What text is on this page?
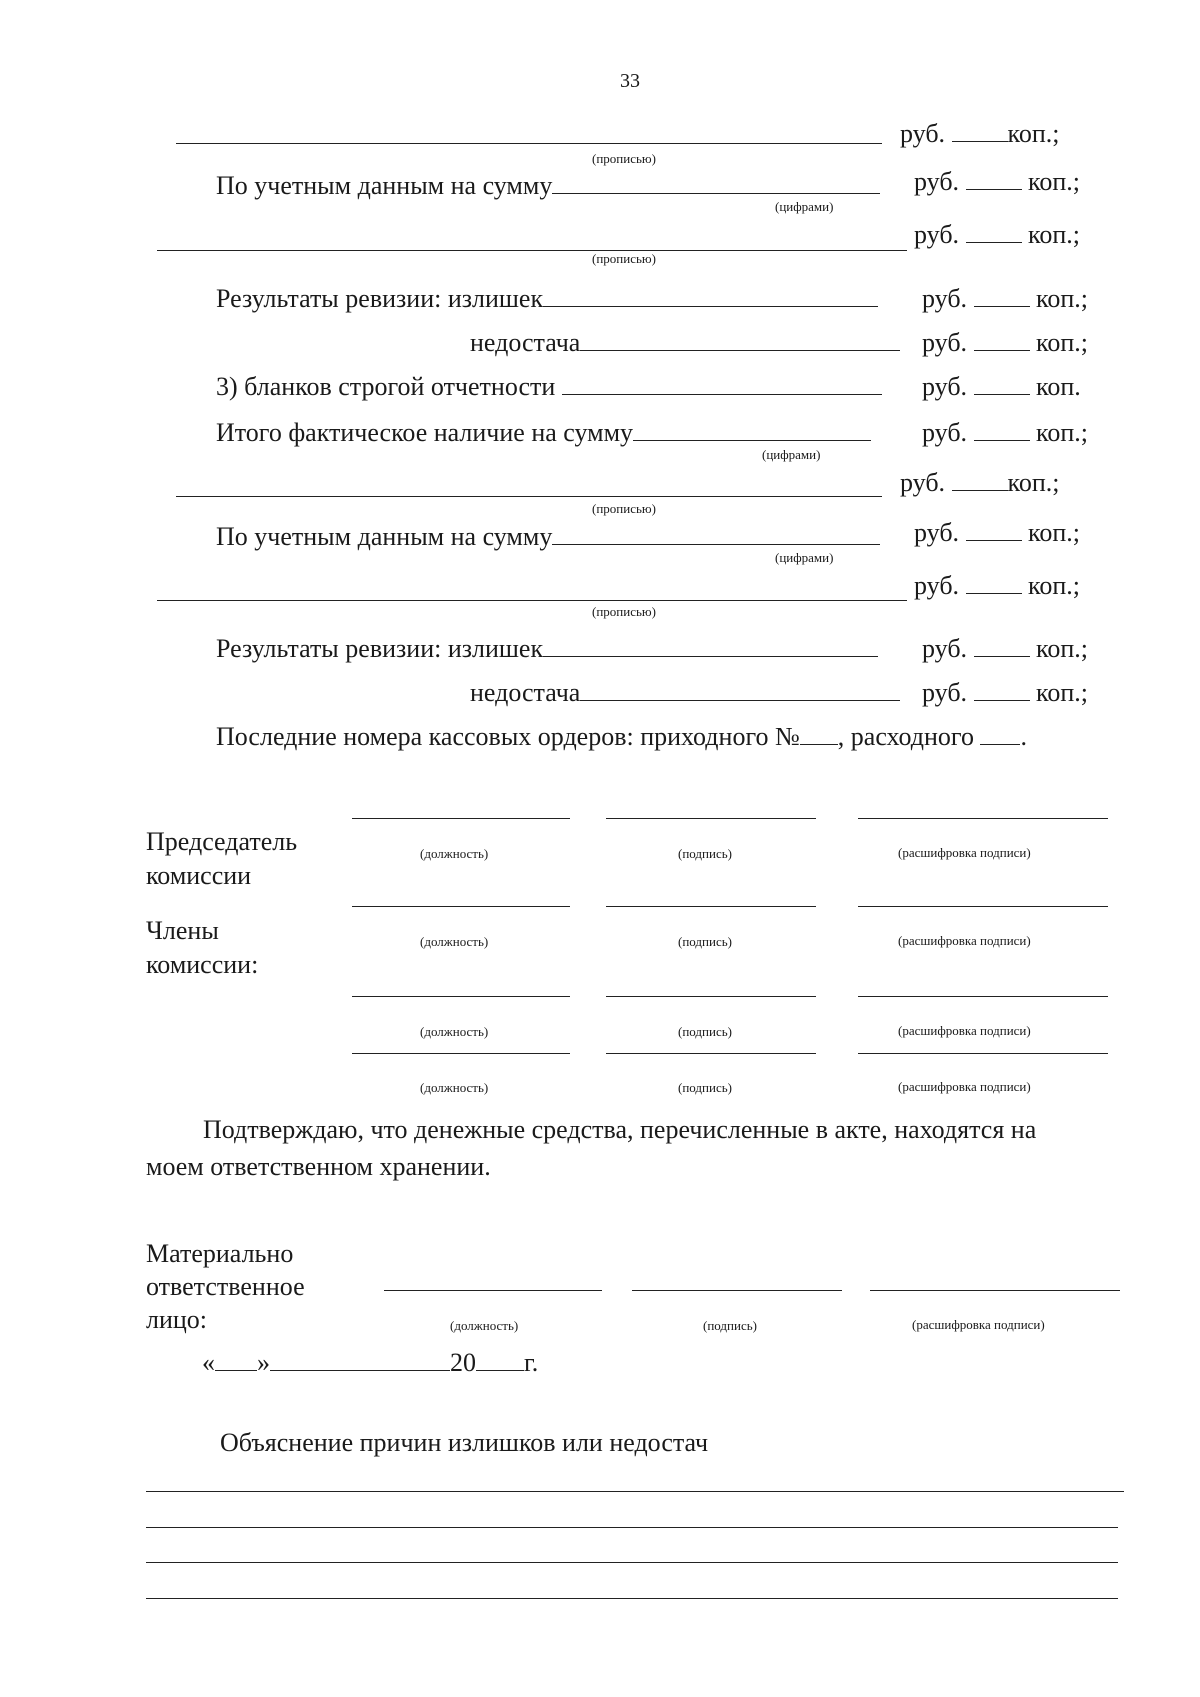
33
руб. коп.;
(прописью)
По учетным данным на сумму	руб.	коп.;
(цифрами)
руб.	коп.;
(прописью)
Результаты ревизии: излишек	руб.	коп.;
недостача	руб.	коп.;
3) бланков строгой отчетности	руб.	коп.
Итого фактическое наличие на сумму	руб.	коп.;
(цифрами)
руб. коп.;
(прописью)
По учетным данным на сумму	руб.	коп.;
(цифрами)
руб.	коп.;
(прописью)
Результаты ревизии: излишек	руб.	коп.;
недостача	руб.	коп.;
Последние номера кассовых ордеров: приходного № , расходного .
Председатель
комиссии
(должность)	(подпись)	(расшифровка подписи)
Члены
комиссии:
(должность)	(подпись)	(расшифровка подписи)
(должность)	(подпись)	(расшифровка подписи)
(должность)	(подпись)	(расшифровка подписи)
Подтверждаю, что денежные средства, перечисленные в акте, находятся на
моем ответственном хранении.
Материально
ответственное
лицо:	(должность)	(подпись)	(расшифровка подписи)
« »	20 г.
Объяснение причин излишков или недостач
